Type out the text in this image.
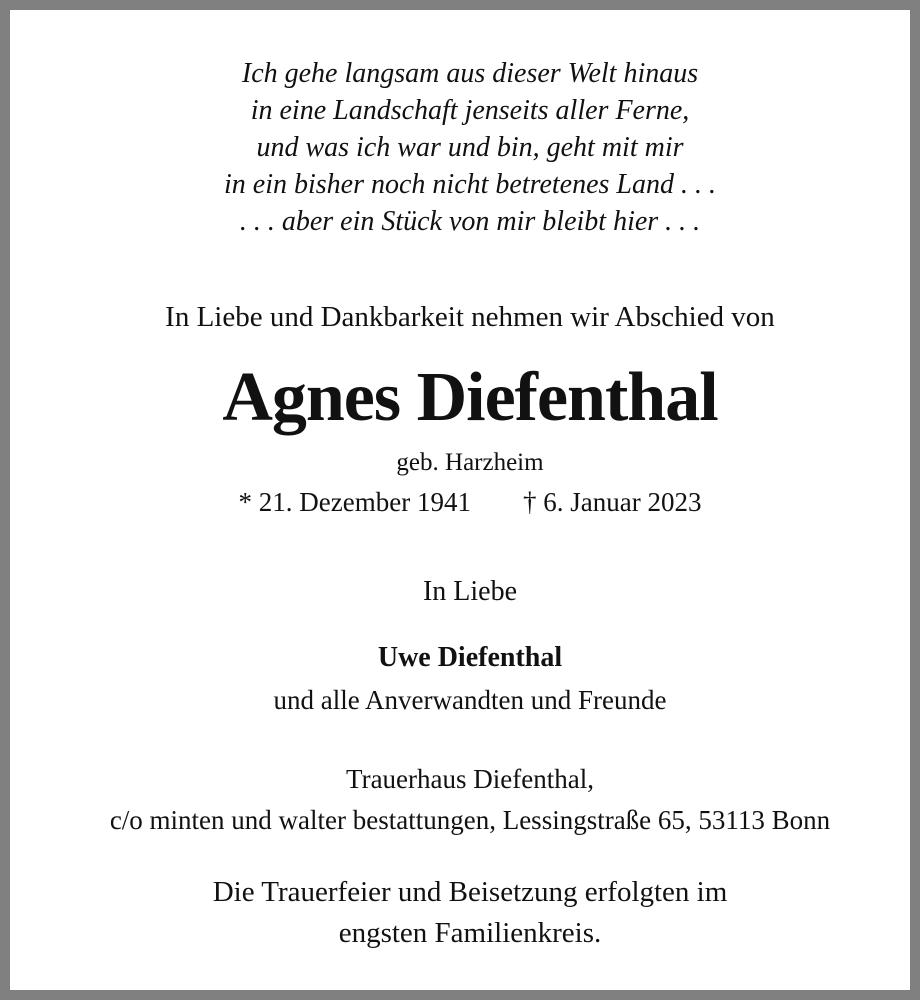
Ich gehe langsam aus dieser Welt hinaus
in eine Landschaft jenseits aller Ferne,
und was ich war und bin, geht mit mir
in ein bisher noch nicht betretenes Land . . .
. . . aber ein Stück von mir bleibt hier . . .
In Liebe und Dankbarkeit nehmen wir Abschied von
Agnes Diefenthal
geb. Harzheim
* 21. Dezember 1941 † 6. Januar 2023
In Liebe
Uwe Diefenthal
und alle Anverwandten und Freunde
Trauerhaus Diefenthal,
c/o minten und walter bestattungen, Lessingstraße 65, 53113 Bonn
Die Trauerfeier und Beisetzung erfolgten im
engsten Familienkreis.
